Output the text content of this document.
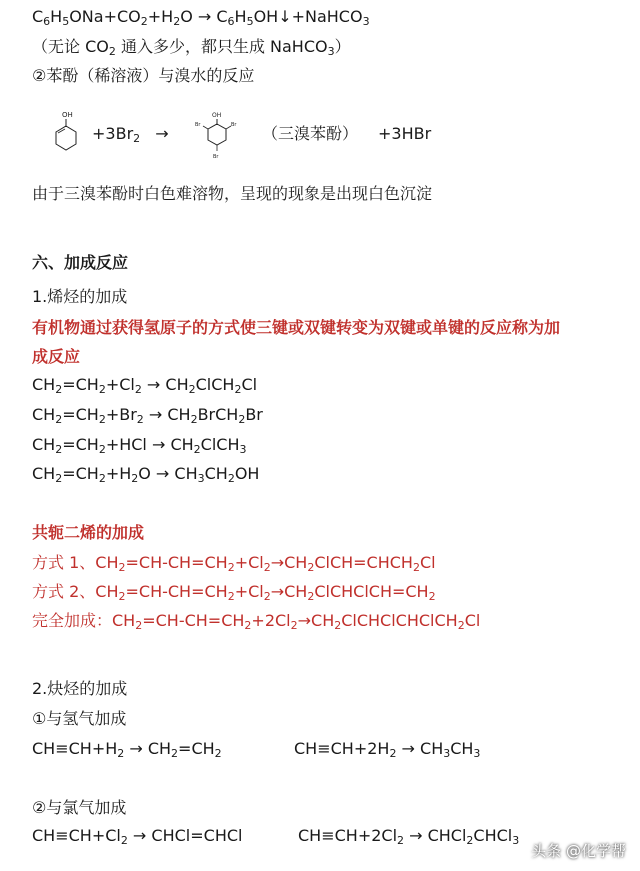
$C_6H_5ONa+CO_2+H_2O$ → $C_6H_5OH↓+NaHCO_3$
（无论 $CO_2$ 通入多少，都只生成 NaHCO$_3$）
②苯酚（稀溶液）与溴水的反应
OH
$+3Br_2$ →
OH
Br	Br
Br
（三溴苯酚） +3HBr
由于三溴苯酚时白色难溶物，呈现的现象是出现白色沉淀
六、加成反应
1.烯烃的加成
有机物通过获得氢原子的方式使三键或双键转变为双键或单键的反应称为加
成反应
$CH_2=CH_2+Cl_2$ → $CH_2ClCH_2Cl$
$CH_2=CH_2+Br_2$ → $CH_2BrCH_2Br$
$CH_2=CH_2+HCl$ → $CH_2ClCH_3$
$CH_2=CH_2+H_2O \to CH_3CH_2OH$
共轭二烯的加成
方式 1、$CH_2=CH-CH=CH_2+Cl_2\to CH_2ClCH=CHCH_2Cl$
方式 2、$CH_2=CH-CH=CH_2+Cl_2\to CH_2ClCHClCH=CH_2$
完全加成：$CH_2=CH-CH=CH_2+2Cl_2\to CH_2ClCHClCHClCH_2Cl$
2.炔烃的加成
①与氢气加成
$CH\equiv CH+H_2 \to CH_2=CH_2$	$CH\equiv CH+2H_2 \to CH_3CH_3$
②与氯气加成
$CH\equiv CH+Cl_2$ → CHCl=CHCl	$CH\equiv CH+2Cl_2$ → CHCl$_2$CHCl$_3$
头条 @化学帮
